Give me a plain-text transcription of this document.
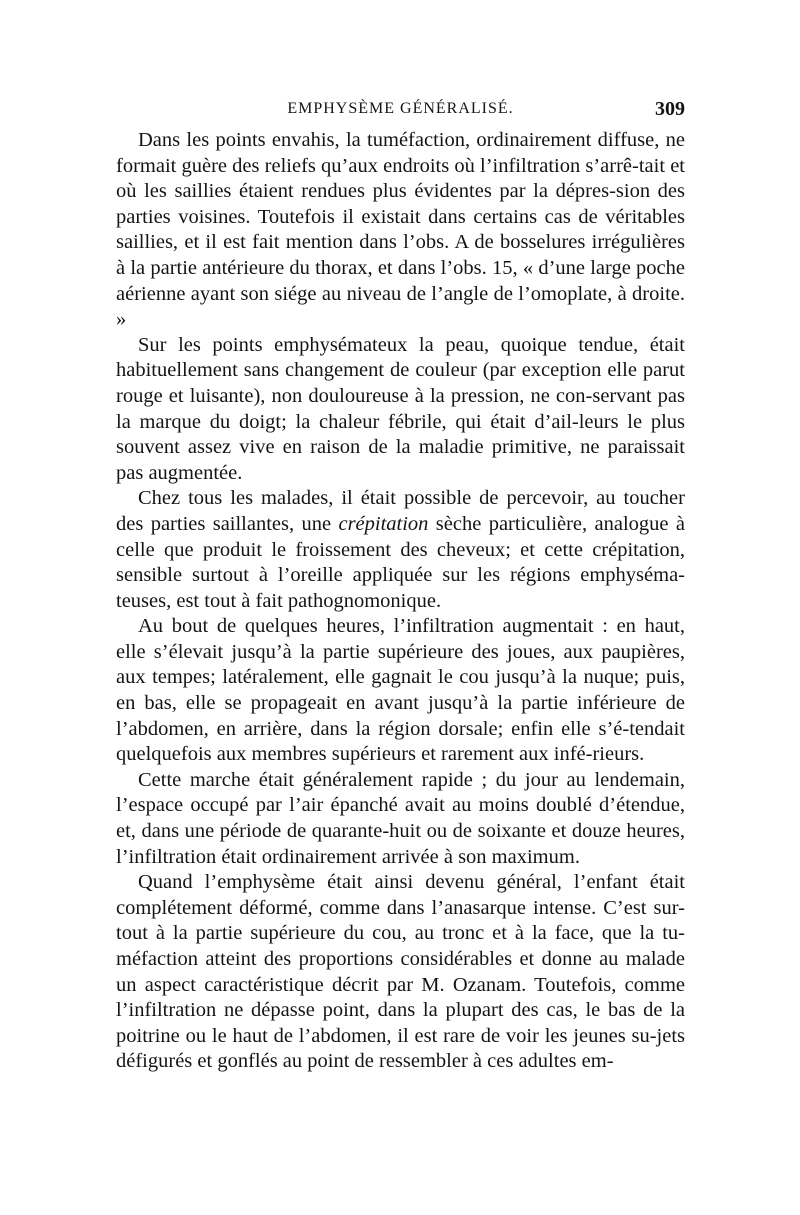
EMPHYSÈME GÉNÉRALISÉ.	309

Dans les points envahis, la tuméfaction, ordinairement diffuse, ne formait guère des reliefs qu’aux endroits où l’infiltration s’arrê-tait et où les saillies étaient rendues plus évidentes par la dépres-sion des parties voisines. Toutefois il existait dans certains cas de véritables saillies, et il est fait mention dans l’obs. A de bosselures irrégulières à la partie antérieure du thorax, et dans l’obs. 15, « d’une large poche aérienne ayant son siége au niveau de l’angle de l’omoplate, à droite. »

Sur les points emphysémateux la peau, quoique tendue, était habituellement sans changement de couleur (par exception elle parut rouge et luisante), non douloureuse à la pression, ne con-servant pas la marque du doigt; la chaleur fébrile, qui était d’ail-leurs le plus souvent assez vive en raison de la maladie primitive, ne paraissait pas augmentée.

Chez tous les malades, il était possible de percevoir, au toucher des parties saillantes, une crépitation sèche particulière, analogue à celle que produit le froissement des cheveux; et cette crépitation, sensible surtout à l’oreille appliquée sur les régions emphyséma-teuses, est tout à fait pathognomonique.

Au bout de quelques heures, l’infiltration augmentait : en haut, elle s’élevait jusqu’à la partie supérieure des joues, aux paupières, aux tempes; latéralement, elle gagnait le cou jusqu’à la nuque; puis, en bas, elle se propageait en avant jusqu’à la partie inférieure de l’abdomen, en arrière, dans la région dorsale; enfin elle s’é-tendait quelquefois aux membres supérieurs et rarement aux infé-rieurs.

Cette marche était généralement rapide ; du jour au lendemain, l’espace occupé par l’air épanché avait au moins doublé d’étendue, et, dans une période de quarante-huit ou de soixante et douze heures, l’infiltration était ordinairement arrivée à son maximum.

Quand l’emphysème était ainsi devenu général, l’enfant était complétement déformé, comme dans l’anasarque intense. C’est sur-tout à la partie supérieure du cou, au tronc et à la face, que la tu-méfaction atteint des proportions considérables et donne au malade un aspect caractéristique décrit par M. Ozanam. Toutefois, comme l’infiltration ne dépasse point, dans la plupart des cas, le bas de la poitrine ou le haut de l’abdomen, il est rare de voir les jeunes su-jets défigurés et gonflés au point de ressembler à ces adultes em-
